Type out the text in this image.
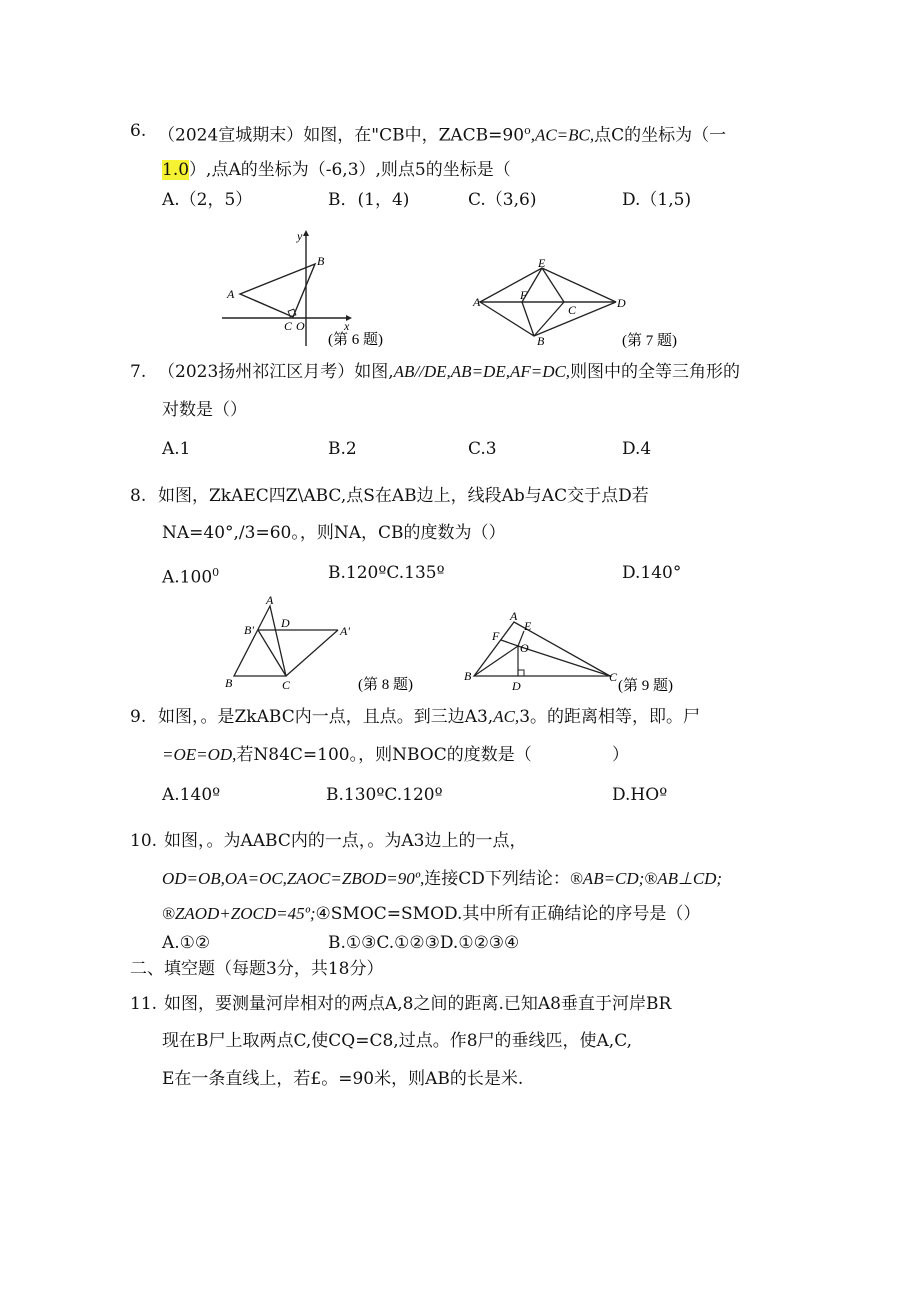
6. （2024宣城期末）如图，在"CB中，$ZACB=90^o,AC=BC$,点C的坐标为（一
1.0）,点A的坐标为（-6,3）,则点5的坐标是（
A.（2，5）	B．(1，4)	C.（3,6)	D.（1,5)
y
B
A
C O	x
(第 6 题)
E
A	F
D
C
B	(第 7 题)
7. （2023扬州祁江区月考）如图,AB//DE,AB=DE,AF=DC,则图中的全等三角形的
对数是（）
A.1	B.2	C.3	D.4
8. 如图，ZkAEC四Z\ABC,点S在AB边上，线段Ab与AC交于点D若
NA=40°,/3=60。，则NA，CB的度数为（）
A.100$^0$	B.120ºC.135º	D.140°
A
B' D
A'
B	C	(第 8 题)
A
E
F
O
B
D
C
(第 9 题)
9. 如图，。是ZkABC内一点，且点。到三边A3,AC,3。的距离相等，即。尸
=OE=OD,若N84C=100。，则NBOC的度数是（	）
A.140º	B.130ºC.120º	D.HOº
10. 如图，。为AABC内的一点，。为A3边上的一点，
OD=OB,OA=OC,ZAOC=ZBOD=90º,连接CD下列结论：®AB=CD;®AB⊥CD;
®ZAOD+ZOCD=45º;④SMOC=SMOD.其中所有正确结论的序号是（）
A.①②	B.①③C.①②③D.①②③④
二、填空题（每题3分，共18分）
11. 如图，要测量河岸相对的两点A,8之间的距离.已知A8垂直于河岸BR
现在B尸上取两点C,使CQ=C8,过点。作8尸的垂线匹，使A,C,
E在一条直线上，若£。=90米，则AB的长是米.
